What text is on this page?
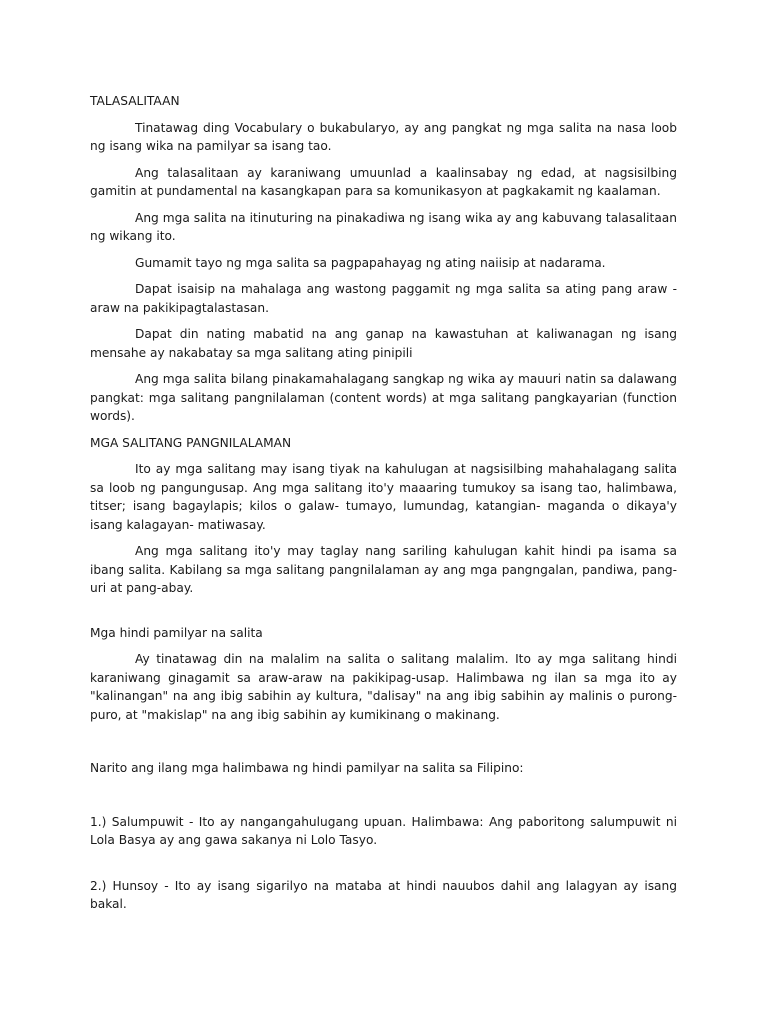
TALASALITAAN

Tinatawag ding Vocabulary o bukabularyo, ay ang pangkat ng mga salita na nasa loob ng isang wika na pamilyar sa isang tao.

Ang talasalitaan ay karaniwang umuunlad a kaalinsabay ng edad, at nagsisilbing gamitin at pundamental na kasangkapan para sa komunikasyon at pagkakamit ng kaalaman.

Ang mga salita na itinuturing na pinakadiwa ng isang wika ay ang kabuvang talasalitaan ng wikang ito.

Gumamit tayo ng mga salita sa pagpapahayag ng ating naiisip at nadarama.

Dapat isaisip na mahalaga ang wastong paggamit ng mga salita sa ating pang araw - araw na pakikipagtalastasan.

Dapat din nating mabatid na ang ganap na kawastuhan at kaliwanagan ng isang mensahe ay nakabatay sa mga salitang ating pinipili

Ang mga salita bilang pinakamahalagang sangkap ng wika ay mauuri natin sa dalawang pangkat: mga salitang pangnilalaman (content words) at mga salitang pangkayarian (function words).

MGA SALITANG PANGNILALAMAN

Ito ay mga salitang may isang tiyak na kahulugan at nagsisilbing mahahalagang salita sa loob ng pangungusap. Ang mga salitang ito'y maaaring tumukoy sa isang tao, halimbawa, titser; isang bagaylapis; kilos o galaw- tumayo, lumundag, katangian- maganda o dikaya'y isang kalagayan- matiwasay.

Ang mga salitang ito'y may taglay nang sariling kahulugan kahit hindi pa isama sa ibang salita. Kabilang sa mga salitang pangnilalaman ay ang mga pangngalan, pandiwa, pang-uri at pang-abay.

Mga hindi pamilyar na salita

Ay tinatawag din na malalim na salita o salitang malalim. Ito ay mga salitang hindi karaniwang ginagamit sa araw-araw na pakikipag-usap. Halimbawa ng ilan sa mga ito ay "kalinangan" na ang ibig sabihin ay kultura, "dalisay" na ang ibig sabihin ay malinis o purong-puro, at "makislap" na ang ibig sabihin ay kumikinang o makinang.

Narito ang ilang mga halimbawa ng hindi pamilyar na salita sa Filipino:

1.) Salumpuwit - Ito ay nangangahulugang upuan. Halimbawa: Ang paboritong salumpuwit ni Lola Basya ay ang gawa sakanya ni Lolo Tasyo.

2.) Hunsoy - Ito ay isang sigarilyo na mataba at hindi nauubos dahil ang lalagyan ay isang bakal.
